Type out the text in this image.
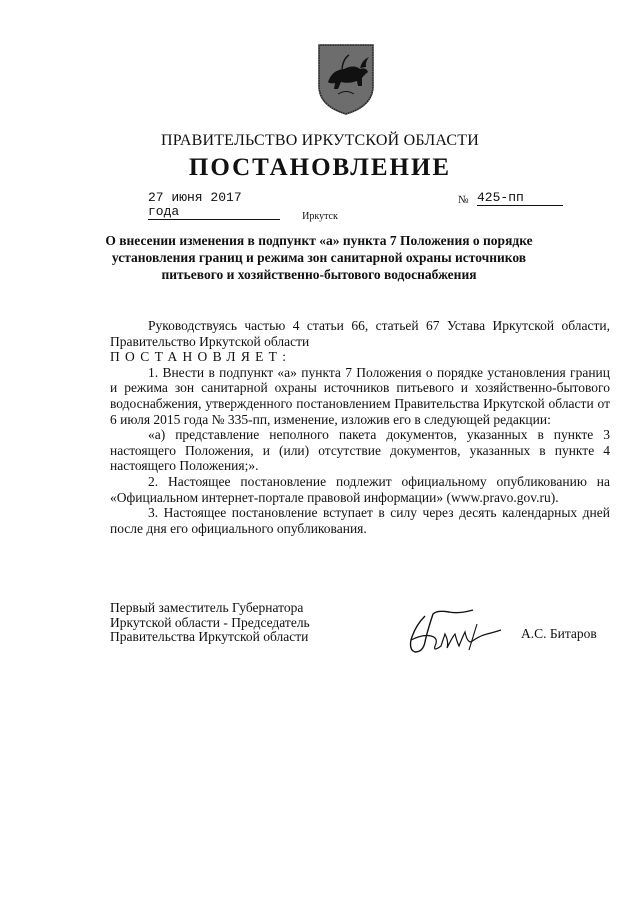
ПРАВИТЕЛЬСТВО ИРКУТСКОЙ ОБЛАСТИ
ПОСТАНОВЛЕНИЕ
27 июня 2017 года
№ 425-пп
Иркутск
О внесении изменения в подпункт «а» пункта 7 Положения о порядке установления границ и режима зон санитарной охраны источников питьевого и хозяйственно-бытового водоснабжения

Руководствуясь частью 4 статьи 66, статьей 67 Устава Иркутской области, Правительство Иркутской области

ПОСТАНОВЛЯЕТ:

1. Внести в подпункт «а» пункта 7 Положения о порядке установления границ и режима зон санитарной охраны источников питьевого и хозяйственно-бытового водоснабжения, утвержденного постановлением Правительства Иркутской области от 6 июля 2015 года № 335-пп, изменение, изложив его в следующей редакции:

«а) представление неполного пакета документов, указанных в пункте 3 настоящего Положения, и (или) отсутствие документов, указанных в пункте 4 настоящего Положения;».

2. Настоящее постановление подлежит официальному опубликованию на «Официальном интернет-портале правовой информации» (www.pravo.gov.ru).

3. Настоящее постановление вступает в силу через десять календарных дней после дня его официального опубликования.

Первый заместитель Губернатора
Иркутской области - Председатель
Правительства Иркутской области	А.С. Битаров
